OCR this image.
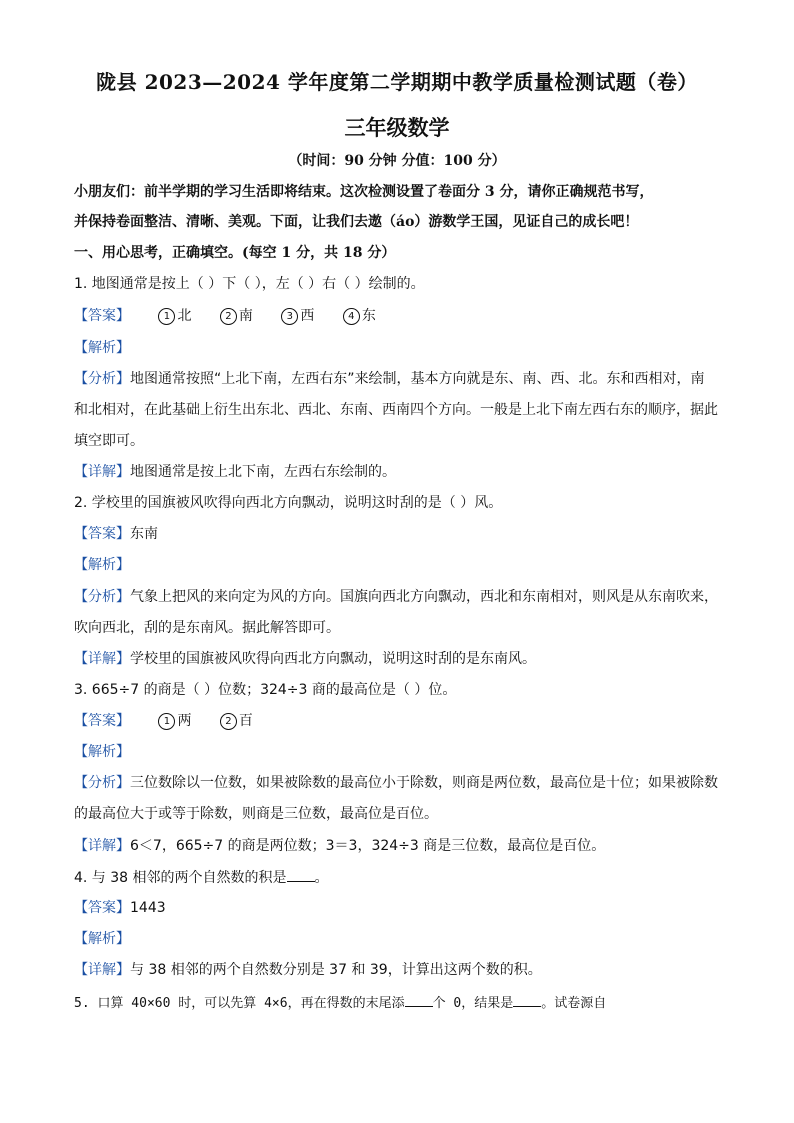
陇县 2023—2024 学年度第二学期期中教学质量检测试题（卷）
三年级数学
（时间：90 分钟 分值：100 分）
小朋友们：前半学期的学习生活即将结束。这次检测设置了卷面分 3 分，请你正确规范书写，
并保持卷面整洁、清晰、美观。下面，让我们去遨（áo）游数学王国，见证自己的成长吧！
一、用心思考，正确填空。(每空 1 分，共 18 分）
1. 地图通常是按上（ ）下（ ），左（ ）右（ ）绘制的。
【答案】	1 北	2 南	3 西	4 东
【解析】
【分析】地图通常按照“上北下南，左西右东”来绘制，基本方向就是东、南、西、北。东和西相对，南
和北相对，在此基础上衍生出东北、西北、东南、西南四个方向。一般是上北下南左西右东的顺序，据此
填空即可。
【详解】地图通常是按上北下南，左西右东绘制的。
2. 学校里的国旗被风吹得向西北方向飘动，说明这时刮的是（ ）风。
【答案】东南
【解析】
【分析】气象上把风的来向定为风的方向。国旗向西北方向飘动，西北和东南相对，则风是从东南吹来，
吹向西北，刮的是东南风。据此解答即可。
【详解】学校里的国旗被风吹得向西北方向飘动，说明这时刮的是东南风。
3. 665÷7 的商是（ ）位数；324÷3 商的最高位是（ ）位。
【答案】	1 两	2 百
【解析】
【分析】三位数除以一位数，如果被除数的最高位小于除数，则商是两位数，最高位是十位；如果被除数
的最高位大于或等于除数，则商是三位数，最高位是百位。
【详解】6＜7，665÷7 的商是两位数；3＝3，324÷3 商是三位数，最高位是百位。
4. 与 38 相邻的两个自然数的积是 。
【答案】1443
【解析】
【详解】与 38 相邻的两个自然数分别是 37 和 39，计算出这两个数的积。
5. 口算 40×60 时，可以先算 4×6，再在得数的末尾添 个 0，结果是 。试卷源自
